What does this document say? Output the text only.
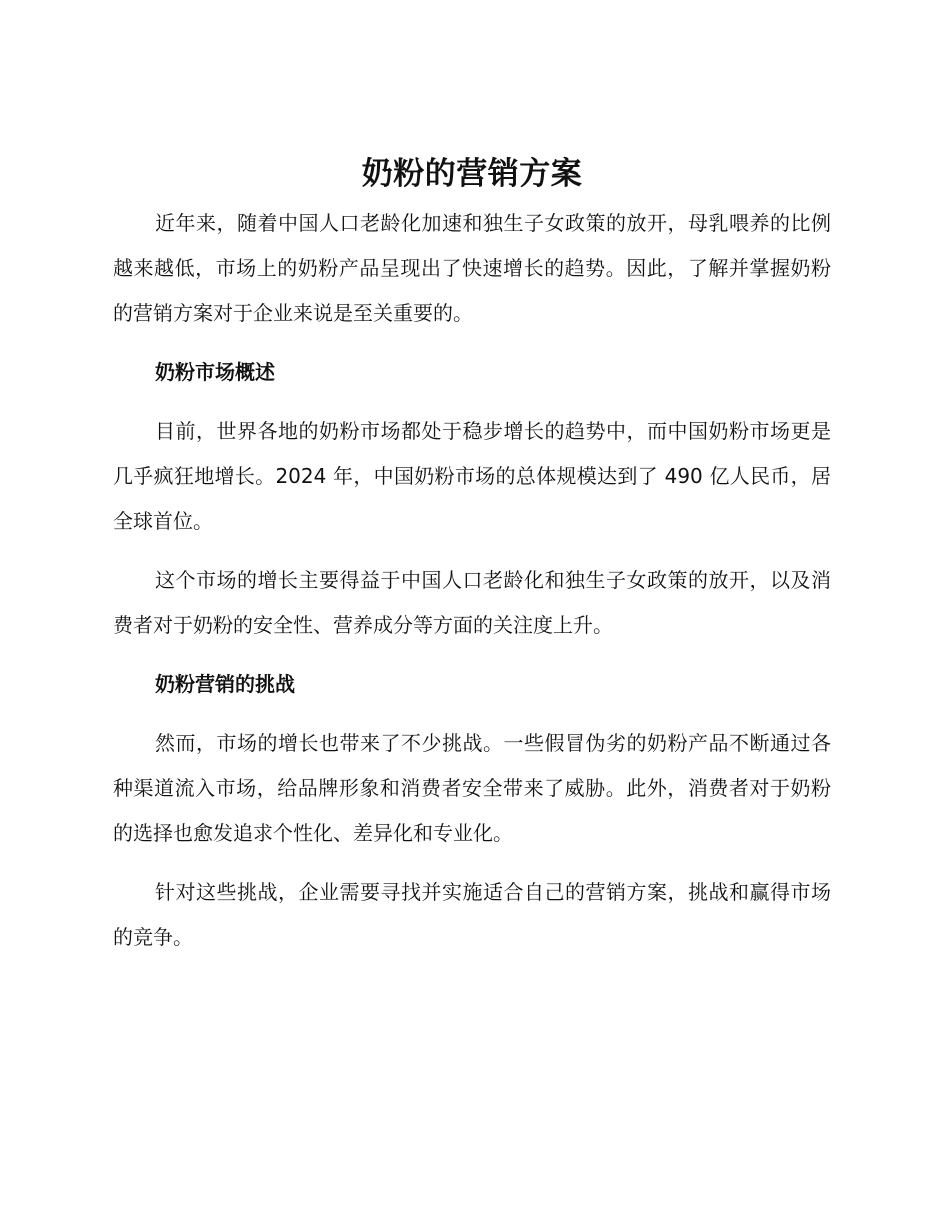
奶粉的营销方案

近年来，随着中国人口老龄化加速和独生子女政策的放开，母乳喂养的比例越来越低，市场上的奶粉产品呈现出了快速增长的趋势。因此，了解并掌握奶粉的营销方案对于企业来说是至关重要的。

奶粉市场概述

目前，世界各地的奶粉市场都处于稳步增长的趋势中，而中国奶粉市场更是几乎疯狂地增长。2024 年，中国奶粉市场的总体规模达到了 490 亿人民币，居全球首位。

这个市场的增长主要得益于中国人口老龄化和独生子女政策的放开，以及消费者对于奶粉的安全性、营养成分等方面的关注度上升。

奶粉营销的挑战

然而，市场的增长也带来了不少挑战。一些假冒伪劣的奶粉产品不断通过各种渠道流入市场，给品牌形象和消费者安全带来了威胁。此外，消费者对于奶粉的选择也愈发追求个性化、差异化和专业化。

针对这些挑战，企业需要寻找并实施适合自己的营销方案，挑战和赢得市场的竞争。
